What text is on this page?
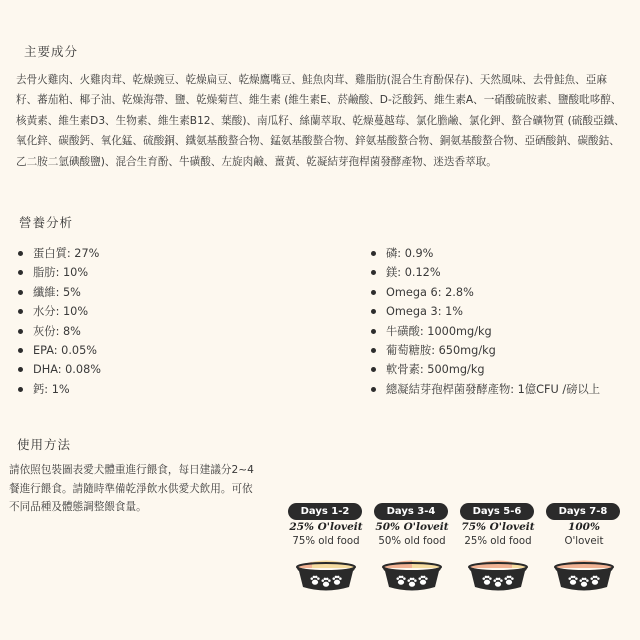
主要成分

去骨火雞肉、火雞肉茸、乾燥豌豆、乾燥扁豆、乾燥鷹嘴豆、鮭魚肉茸、雞脂肪(混合生育酚保存)、天然風味、去骨鮭魚、亞麻籽、蕃茄粕、椰子油、乾燥海帶、鹽、乾燥菊苣、維生素 (維生素E、菸鹼酸、D-泛酸鈣、維生素A、一硝酸硫胺素、鹽酸吡哆醇、核黃素、維生素D3、生物素、維生素B12、葉酸)、南瓜籽、絲蘭萃取、乾燥蔓越莓、氯化膽鹼、氯化鉀、螯合礦物質 (硫酸亞鐵、氧化鋅、碳酸鈣、氧化錳、硫酸銅、鐵氨基酸螯合物、錳氨基酸螯合物、鋅氨基酸螯合物、銅氨基酸螯合物、亞硒酸鈉、碳酸鈷、乙二胺二氫碘酸鹽)、混合生育酚、牛磺酸、左旋肉鹼、薑黃、乾凝結芽孢桿菌發酵產物、迷迭香萃取。

營養分析
蛋白質: 27%
脂肪: 10%
纖維: 5%
水分: 10%
灰份: 8%
EPA: 0.05%
DHA: 0.08%
鈣: 1%
磷: 0.9%
鎂: 0.12%
Omega 6: 2.8%
Omega 3: 1%
牛磺酸: 1000mg/kg
葡萄糖胺: 650mg/kg
軟骨素: 500mg/kg
總凝結芽孢桿菌發酵產物: 1億CFU /磅以上
使用方法

請依照包裝圖表愛犬體重進行餵食，每日建議分2~4餐進行餵食。請隨時準備乾淨飲水供愛犬飲用。可依不同品種及體態調整餵食量。	Days 1-2
25% O'loveit
75% old food
Days 3-4
50% O'loveit
50% old food
Days 5-6
75% O'loveit
25% old food
Days 7-8
100%
O'loveit
